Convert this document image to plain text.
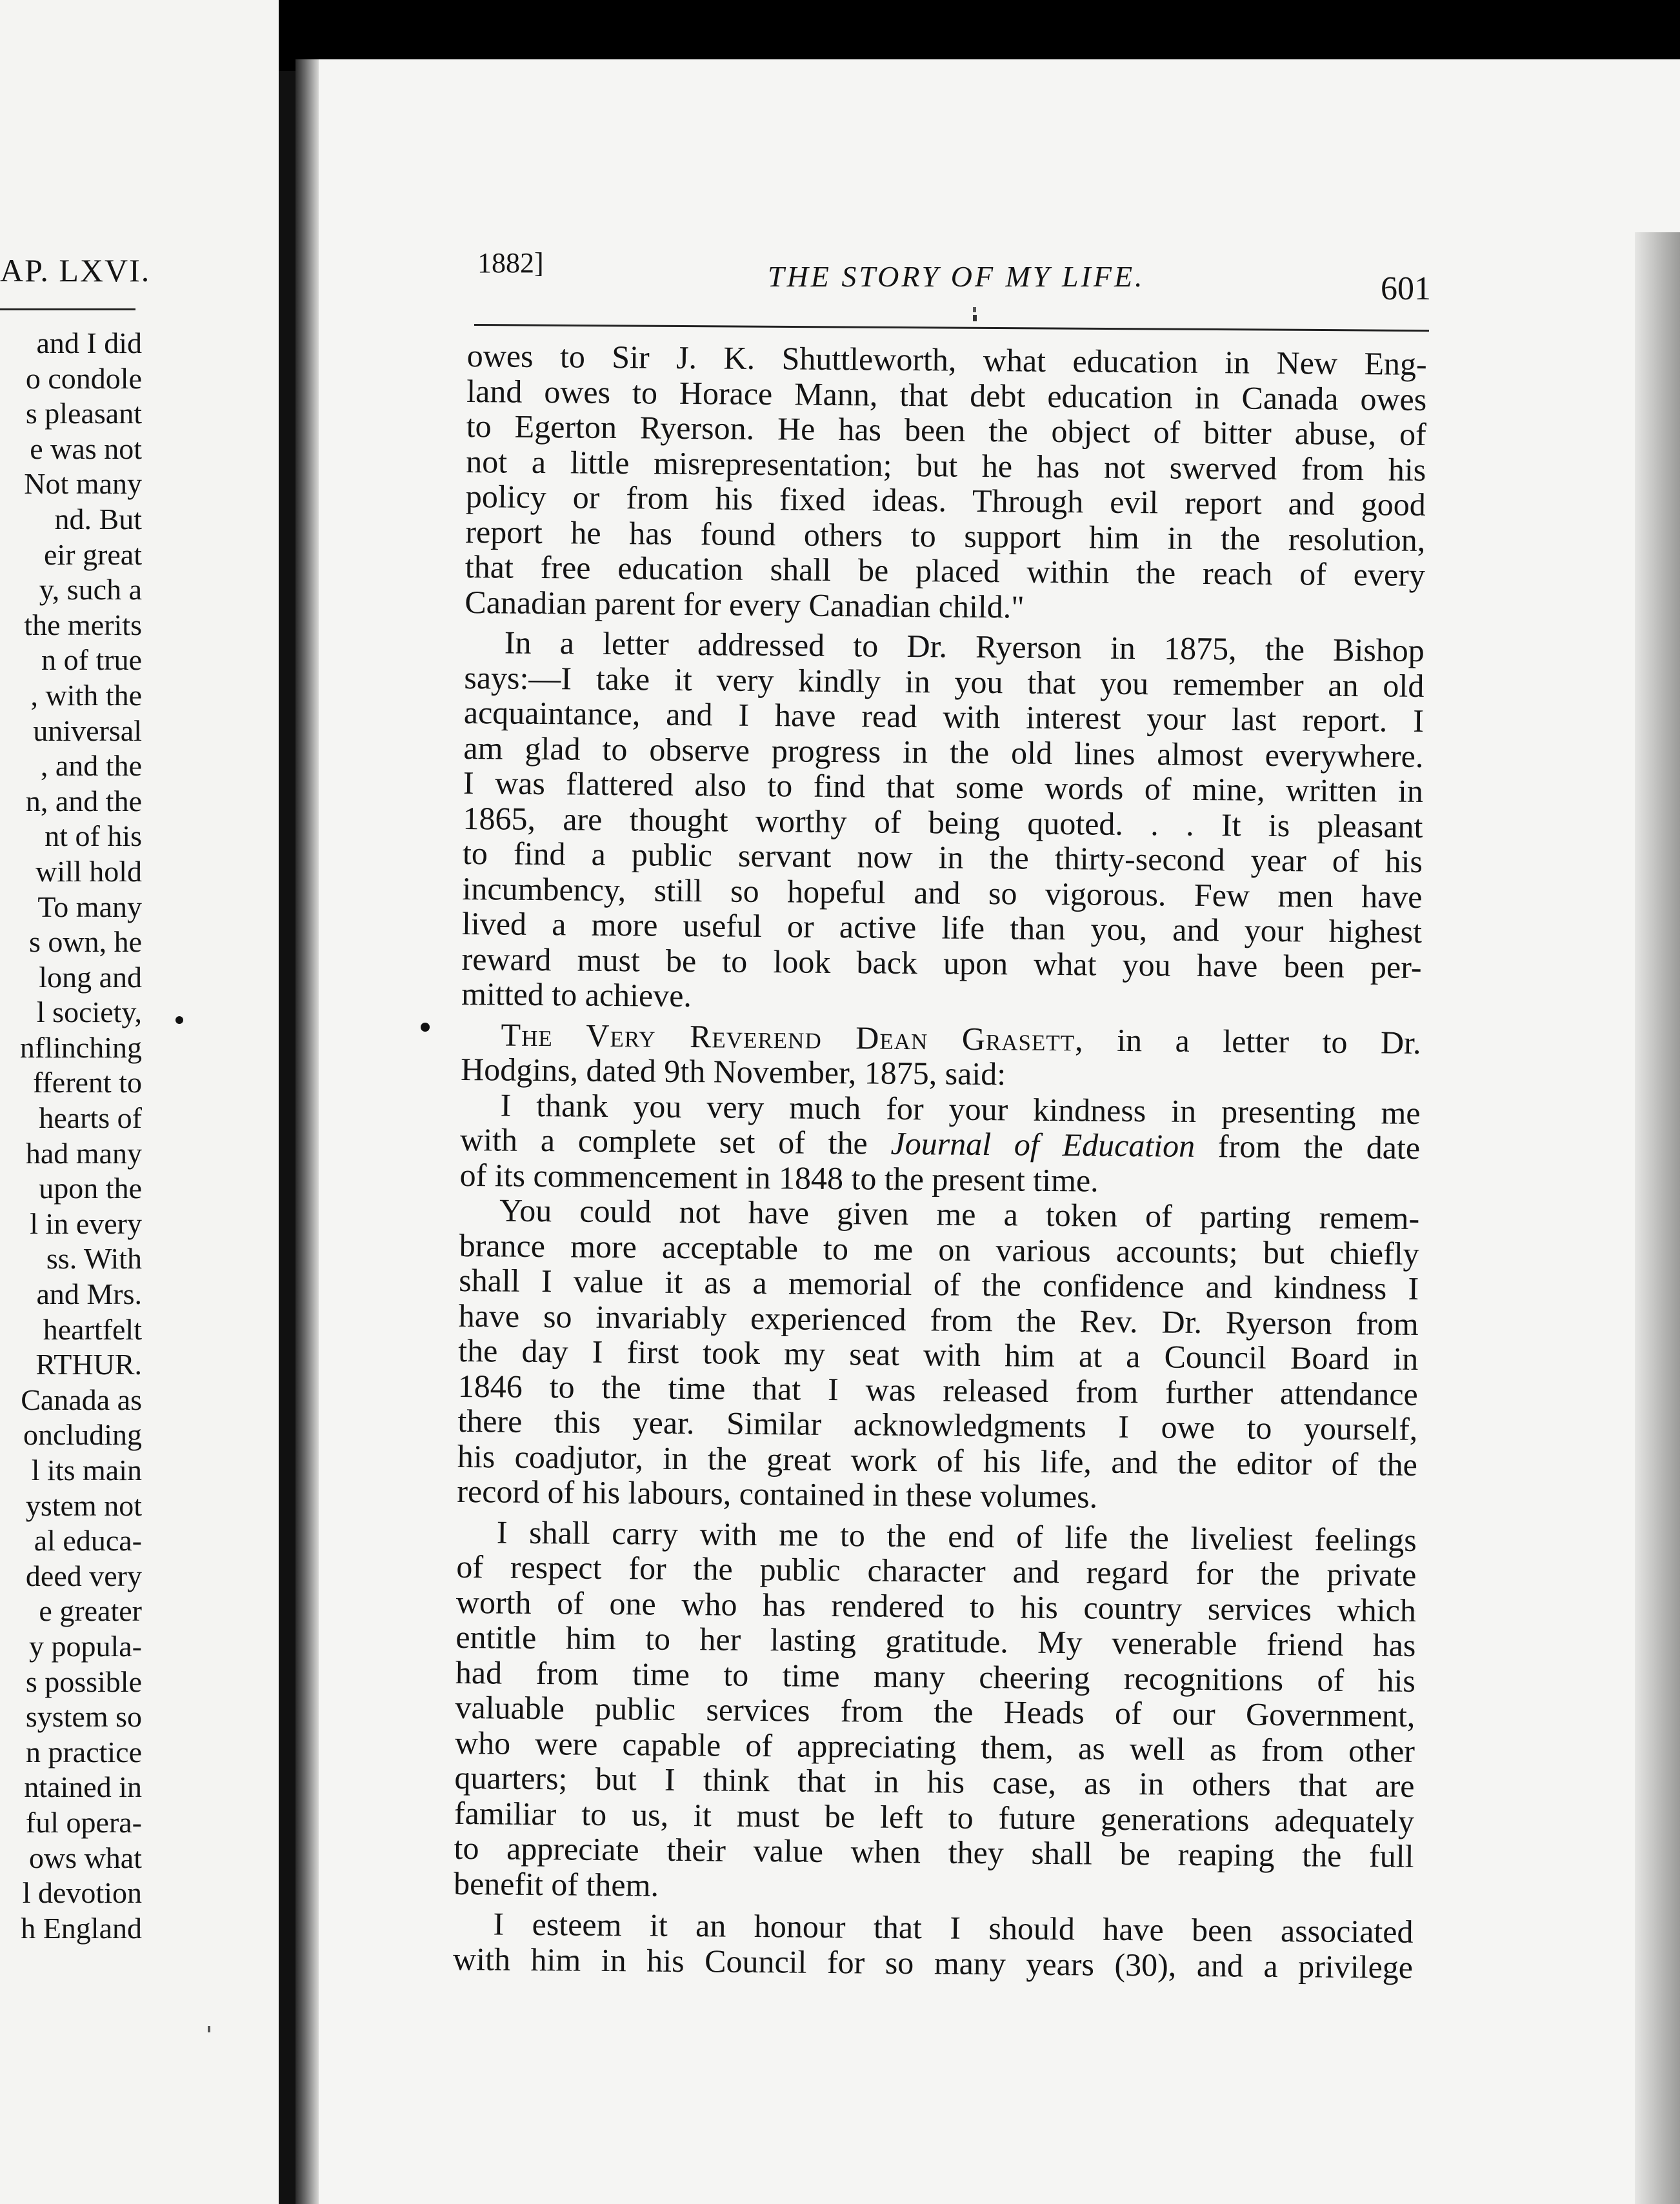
AP. LXVI.
and I did
o condole
s pleasant
e was not
Not many
nd. But
eir great
y, such a
the merits
n of true
, with the
universal
, and the
n, and the
nt of his
will hold
To many
s own, he
long and
l society,
nflinching
fferent to
hearts of
had many
upon the
l in every
ss. With
and Mrs.
heartfelt
RTHUR.
Canada as
oncluding
l its main
ystem not
al educa-
deed very
e greater
y popula-
s possible
system so
n practice
ntained in
ful opera-
ows what
l devotion
h England
1882]	THE STORY OF MY LIFE.	601
owes to Sir J. K. Shuttleworth, what education in New Eng-
land owes to Horace Mann, that debt education in Canada owes
to Egerton Ryerson. He has been the object of bitter abuse, of
not a little misrepresentation; but he has not swerved from his
policy or from his fixed ideas. Through evil report and good
report he has found others to support him in the resolution,
that free education shall be placed within the reach of every
Canadian parent for every Canadian child."
In a letter addressed to Dr. Ryerson in 1875, the Bishop
says:—I take it very kindly in you that you remember an old
acquaintance, and I have read with interest your last report. I
am glad to observe progress in the old lines almost everywhere.
I was flattered also to find that some words of mine, written in
1865, are thought worthy of being quoted. . . It is pleasant
to find a public servant now in the thirty-second year of his
incumbency, still so hopeful and so vigorous. Few men have
lived a more useful or active life than you, and your highest
reward must be to look back upon what you have been per-
mitted to achieve.
The Very Reverend Dean Grasett, in a letter to Dr.
Hodgins, dated 9th November, 1875, said:
I thank you very much for your kindness in presenting me
with a complete set of the Journal of Education from the date
of its commencement in 1848 to the present time.
You could not have given me a token of parting remem-
brance more acceptable to me on various accounts; but chiefly
shall I value it as a memorial of the confidence and kindness I
have so invariably experienced from the Rev. Dr. Ryerson from
the day I first took my seat with him at a Council Board in
1846 to the time that I was released from further attendance
there this year. Similar acknowledgments I owe to yourself,
his coadjutor, in the great work of his life, and the editor of the
record of his labours, contained in these volumes.
I shall carry with me to the end of life the liveliest feelings
of respect for the public character and regard for the private
worth of one who has rendered to his country services which
entitle him to her lasting gratitude. My venerable friend has
had from time to time many cheering recognitions of his
valuable public services from the Heads of our Government,
who were capable of appreciating them, as well as from other
quarters; but I think that in his case, as in others that are
familiar to us, it must be left to future generations adequately
to appreciate their value when they shall be reaping the full
benefit of them.
I esteem it an honour that I should have been associated
with him in his Council for so many years (30), and a privilege
